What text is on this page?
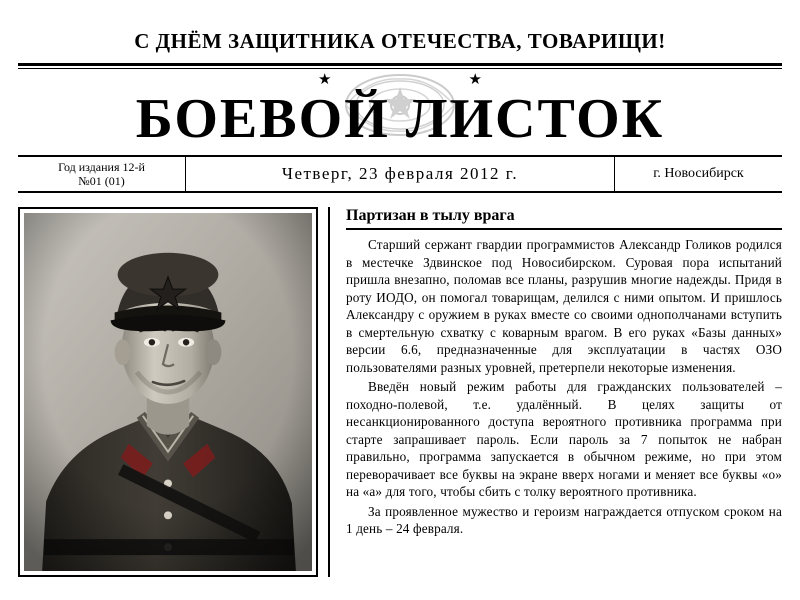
С ДНЁМ ЗАЩИТНИКА ОТЕЧЕСТВА, ТОВАРИЩИ!
★	★
БОЕВОЙ ЛИСТОК
Год издания 12-й
№01 (01)	Четверг, 23 февраля 2012 г.	г. Новосибирск
Партизан в тылу врага

Старший сержант гвардии программистов Александр Голиков родился в местечке Здвинское под Новосибирском. Суровая пора испытаний пришла внезапно, поломав все планы, разрушив многие надежды. Придя в роту ИОДО, он помогал товарищам, делился с ними опытом. И пришлось Александру с оружием в руках вместе со своими однополчанами вступить в смертельную схватку с коварным врагом. В его руках «Базы данных» версии 6.6, предназначенные для эксплуатации в частях ОЗО пользователями разных уровней, претерпели некоторые изменения.

Введён новый режим работы для гражданских пользователей – походно-полевой, т.е. удалённый. В целях защиты от несанкционированного доступа вероятного противника программа при старте запрашивает пароль. Если пароль за 7 попыток не набран правильно, программа запускается в обычном режиме, но при этом переворачивает все буквы на экране вверх ногами и меняет все буквы «о» на «а» для того, чтобы сбить с толку вероятного противника.

За проявленное мужество и героизм награждается отпуском сроком на 1 день – 24 февраля.
